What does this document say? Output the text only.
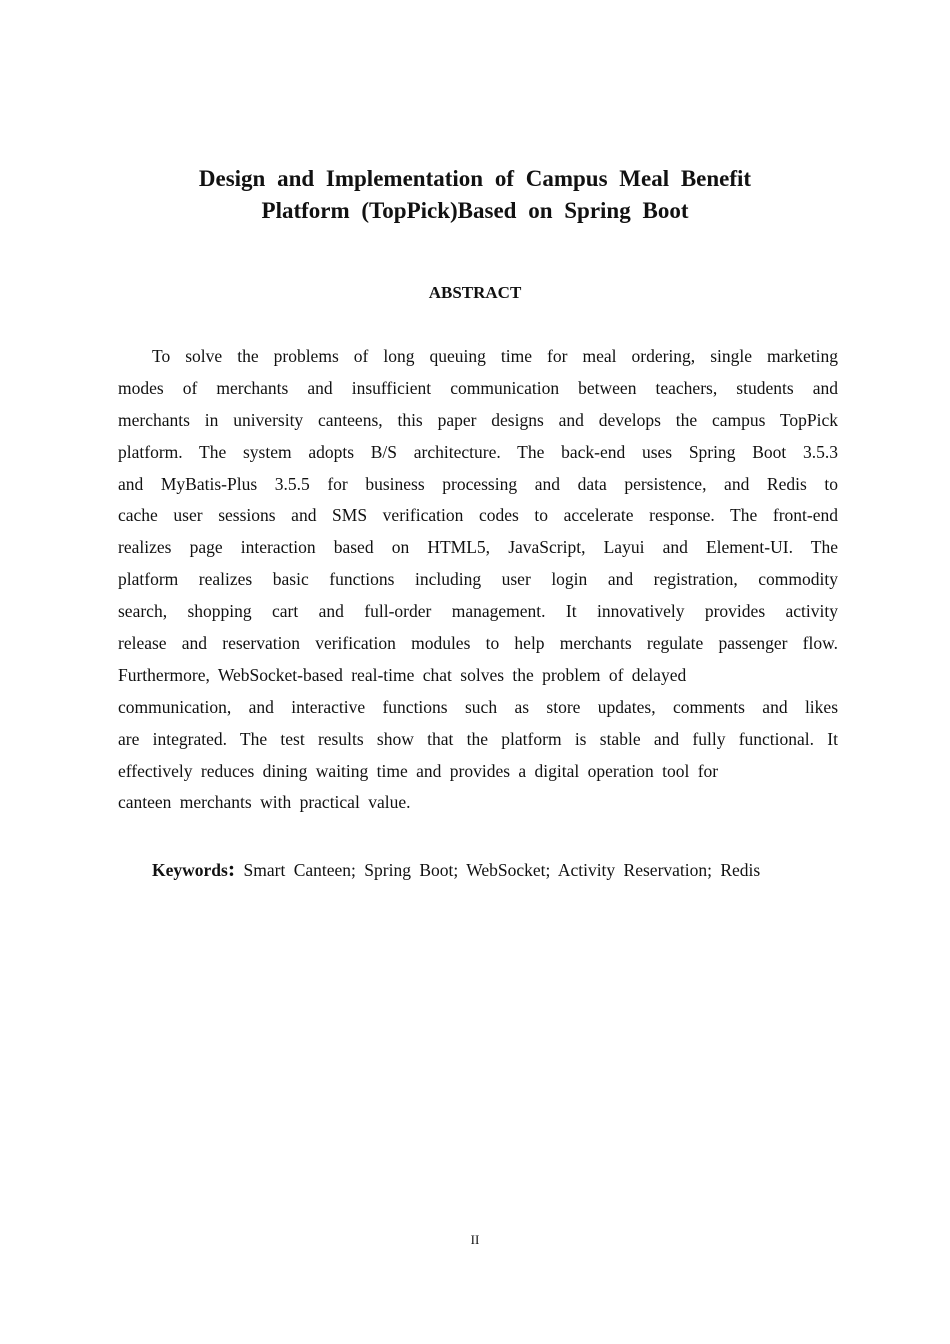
Design and Implementation of Campus Meal Benefit
Platform (TopPick)Based on Spring Boot
ABSTRACT
To solve the problems of long queuing time for meal ordering, single marketing
modes of merchants and insufficient communication between teachers, students and
merchants in university canteens, this paper designs and develops the campus TopPick
platform. The system adopts B/S architecture. The back-end uses Spring Boot 3.5.3
and MyBatis-Plus 3.5.5 for business processing and data persistence, and Redis to
cache user sessions and SMS verification codes to accelerate response. The front-end
realizes page interaction based on HTML5, JavaScript, Layui and Element-UI. The
platform realizes basic functions including user login and registration, commodity
search, shopping cart and full-order management. It innovatively provides activity
release and reservation verification modules to help merchants regulate passenger flow.
Furthermore, WebSocket-based real-time chat solves the problem of delayed
communication, and interactive functions such as store updates, comments and likes
are integrated. The test results show that the platform is stable and fully functional. It
effectively reduces dining waiting time and provides a digital operation tool for
canteen merchants with practical value.

Keywords: Smart Canteen; Spring Boot; WebSocket; Activity Reservation; Redis

II
